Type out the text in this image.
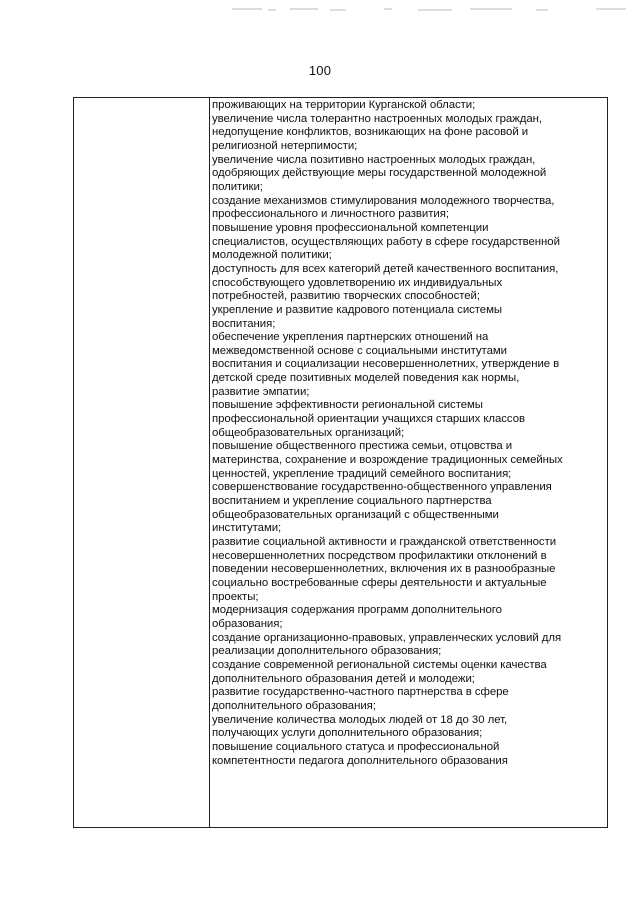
100
проживающих на территории Курганской области;
увеличение числа толерантно настроенных молодых граждан,
недопущение конфликтов, возникающих на фоне расовой и
религиозной нетерпимости;
увеличение числа позитивно настроенных молодых граждан,
одобряющих действующие меры государственной молодежной
политики;
создание механизмов стимулирования молодежного творчества,
профессионального и личностного развития;
повышение уровня профессиональной компетенции
специалистов, осуществляющих работу в сфере государственной
молодежной политики;
доступность для всех категорий детей качественного воспитания,
способствующего удовлетворению их индивидуальных
потребностей, развитию творческих способностей;
укрепление и развитие кадрового потенциала системы
воспитания;
обеспечение укрепления партнерских отношений на
межведомственной основе с социальными институтами
воспитания и социализации несовершеннолетних, утверждение в
детской среде позитивных моделей поведения как нормы,
развитие эмпатии;
повышение эффективности региональной системы
профессиональной ориентации учащихся старших классов
общеобразовательных организаций;
повышение общественного престижа семьи, отцовства и
материнства, сохранение и возрождение традиционных семейных
ценностей, укрепление традиций семейного воспитания;
совершенствование государственно-общественного управления
воспитанием и укрепление социального партнерства
общеобразовательных организаций с общественными
институтами;
развитие социальной активности и гражданской ответственности
несовершеннолетних посредством профилактики отклонений в
поведении несовершеннолетних, включения их в разнообразные
социально востребованные сферы деятельности и актуальные
проекты;
модернизация содержания программ дополнительного
образования;
создание организационно-правовых, управленческих условий для
реализации дополнительного образования;
создание современной региональной системы оценки качества
дополнительного образования детей и молодежи;
развитие государственно-частного партнерства в сфере
дополнительного образования;
увеличение количества молодых людей от 18 до 30 лет,
получающих услуги дополнительного образования;
повышение социального статуса и профессиональной
компетентности педагога дополнительного образования
